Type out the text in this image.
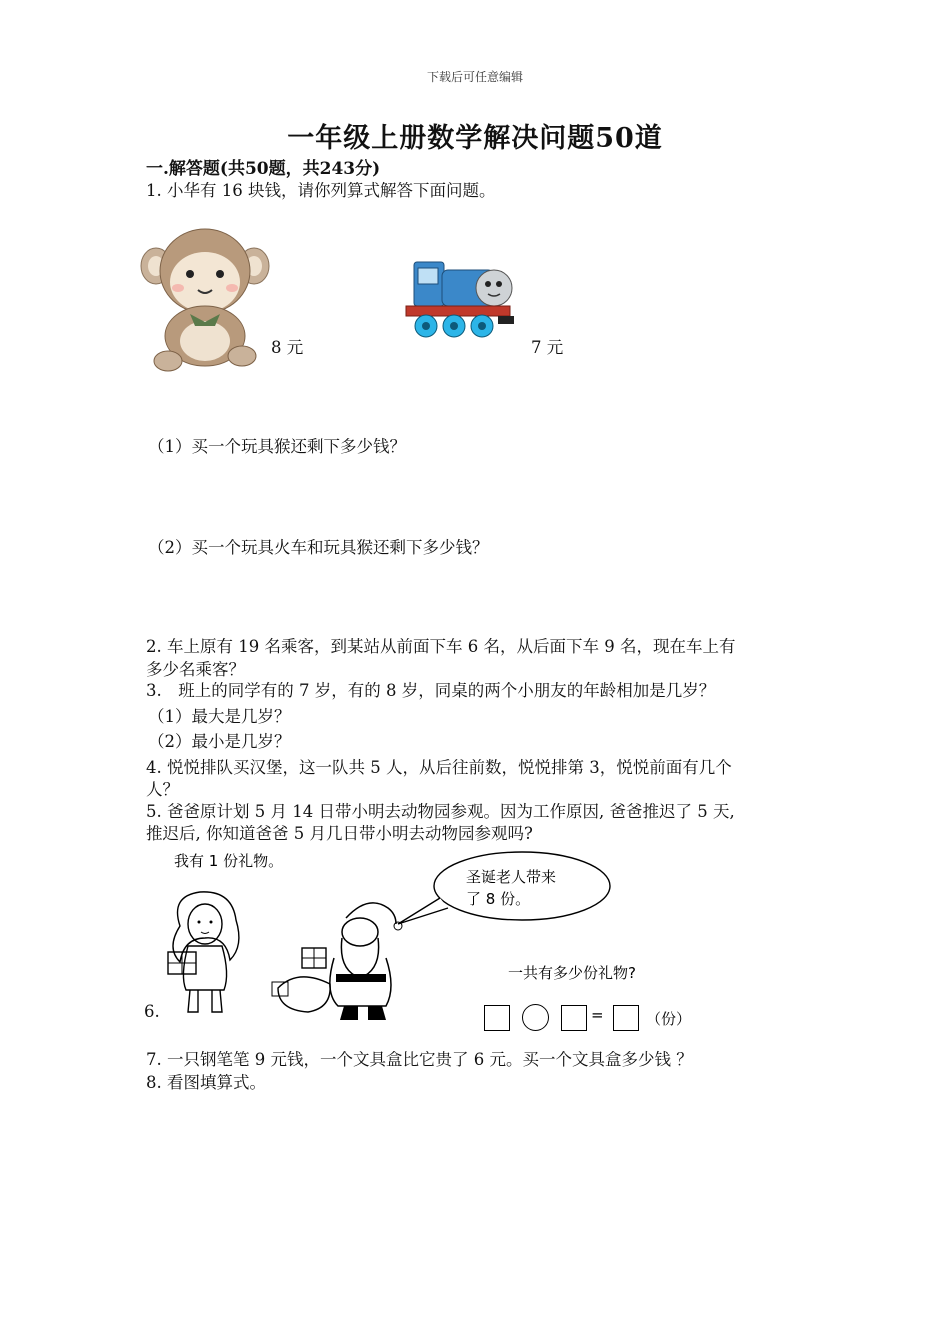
下载后可任意编辑
一年级上册数学解决问题50道
一.解答题(共50题，共243分)
1. 小华有 16 块钱，请你列算式解答下面问题。
8 元	7 元
（1）买一个玩具猴还剩下多少钱？
（2）买一个玩具火车和玩具猴还剩下多少钱？
2. 车上原有 19 名乘客，到某站从前面下车 6 名，从后面下车 9 名，现在车上有
多少名乘客？
3.　班上的同学有的 7 岁，有的 8 岁，同桌的两个小朋友的年龄相加是几岁？
（1）最大是几岁？
（2）最小是几岁？
4. 悦悦排队买汉堡，这一队共 5 人，从后往前数，悦悦排第 3，悦悦前面有几个
人？
5. 爸爸原计划 5 月 14 日带小明去动物园参观。因为工作原因, 爸爸推迟了 5 天,
推迟后, 你知道爸爸 5 月几日带小明去动物园参观吗?
我有 1 份礼物。
6.
圣诞老人带来
了 8 份。
一共有多少份礼物?
=	（份）
7. 一只钢笔笔 9 元钱，一个文具盒比它贵了 6 元。买一个文具盒多少钱 ？
8. 看图填算式。
